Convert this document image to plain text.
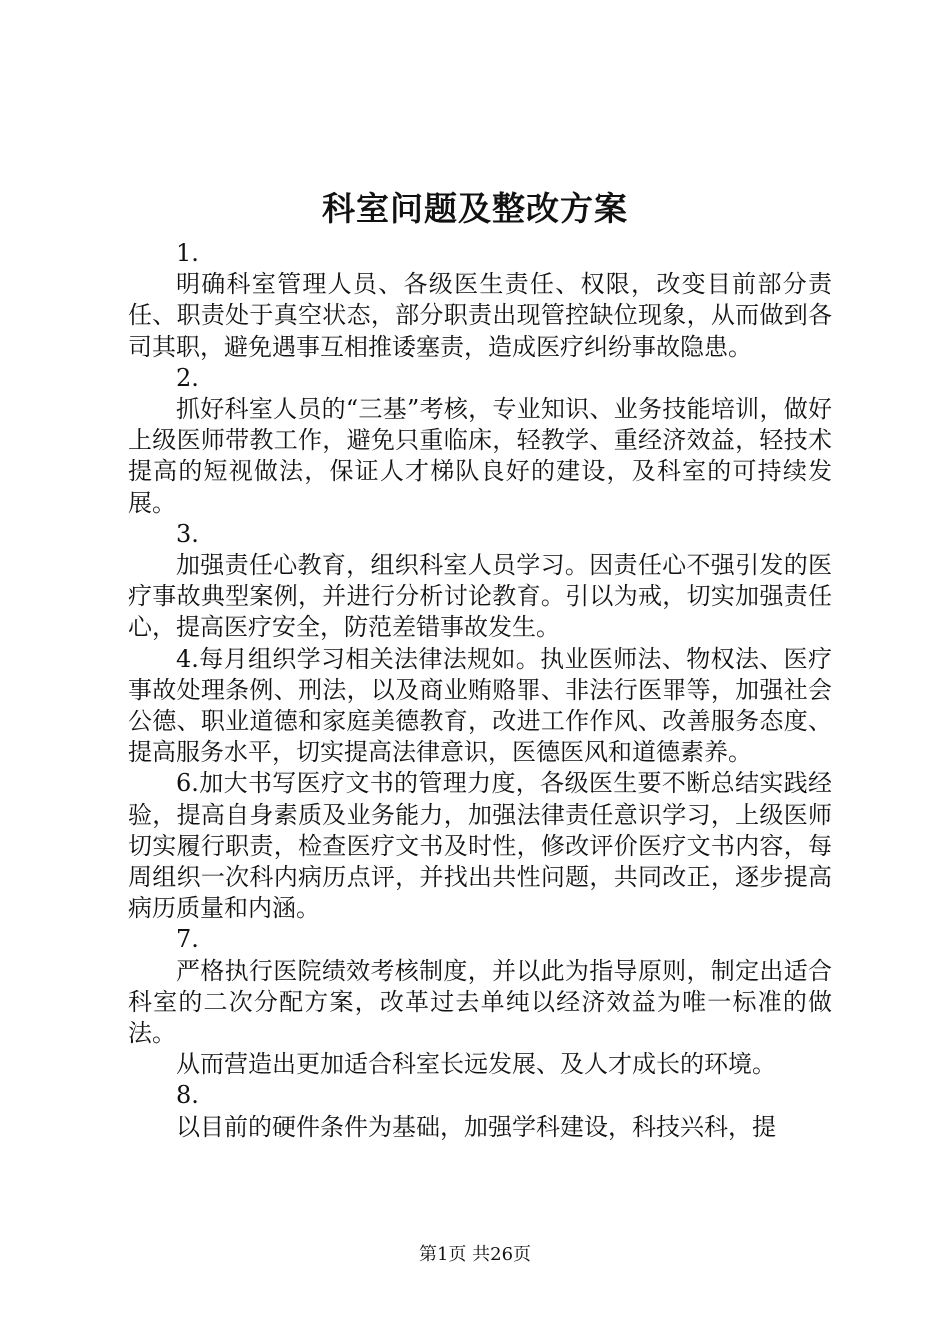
科室问题及整改方案

1.

明确科室管理人员、各级医生责任、权限，改变目前部分责任、职责处于真空状态，部分职责出现管控缺位现象，从而做到各司其职，避免遇事互相推诿塞责，造成医疗纠纷事故隐患。

2.

抓好科室人员的“三基”考核，专业知识、业务技能培训，做好上级医师带教工作，避免只重临床，轻教学、重经济效益，轻技术提高的短视做法，保证人才梯队良好的建设，及科室的可持续发展。

3.

加强责任心教育，组织科室人员学习。因责任心不强引发的医疗事故典型案例，并进行分析讨论教育。引以为戒，切实加强责任心，提高医疗安全，防范差错事故发生。

4.每月组织学习相关法律法规如。执业医师法、物权法、医疗事故处理条例、刑法，以及商业贿赂罪、非法行医罪等，加强社会公德、职业道德和家庭美德教育，改进工作作风、改善服务态度、提高服务水平，切实提高法律意识，医德医风和道德素养。

6.加大书写医疗文书的管理力度，各级医生要不断总结实践经验，提高自身素质及业务能力，加强法律责任意识学习，上级医师切实履行职责，检查医疗文书及时性，修改评价医疗文书内容，每周组织一次科内病历点评，并找出共性问题，共同改正，逐步提高病历质量和内涵。

7.

严格执行医院绩效考核制度，并以此为指导原则，制定出适合科室的二次分配方案，改革过去单纯以经济效益为唯一标准的做法。

从而营造出更加适合科室长远发展、及人才成长的环境。

8.

以目前的硬件条件为基础，加强学科建设，科技兴科，提

第1页 共26页
